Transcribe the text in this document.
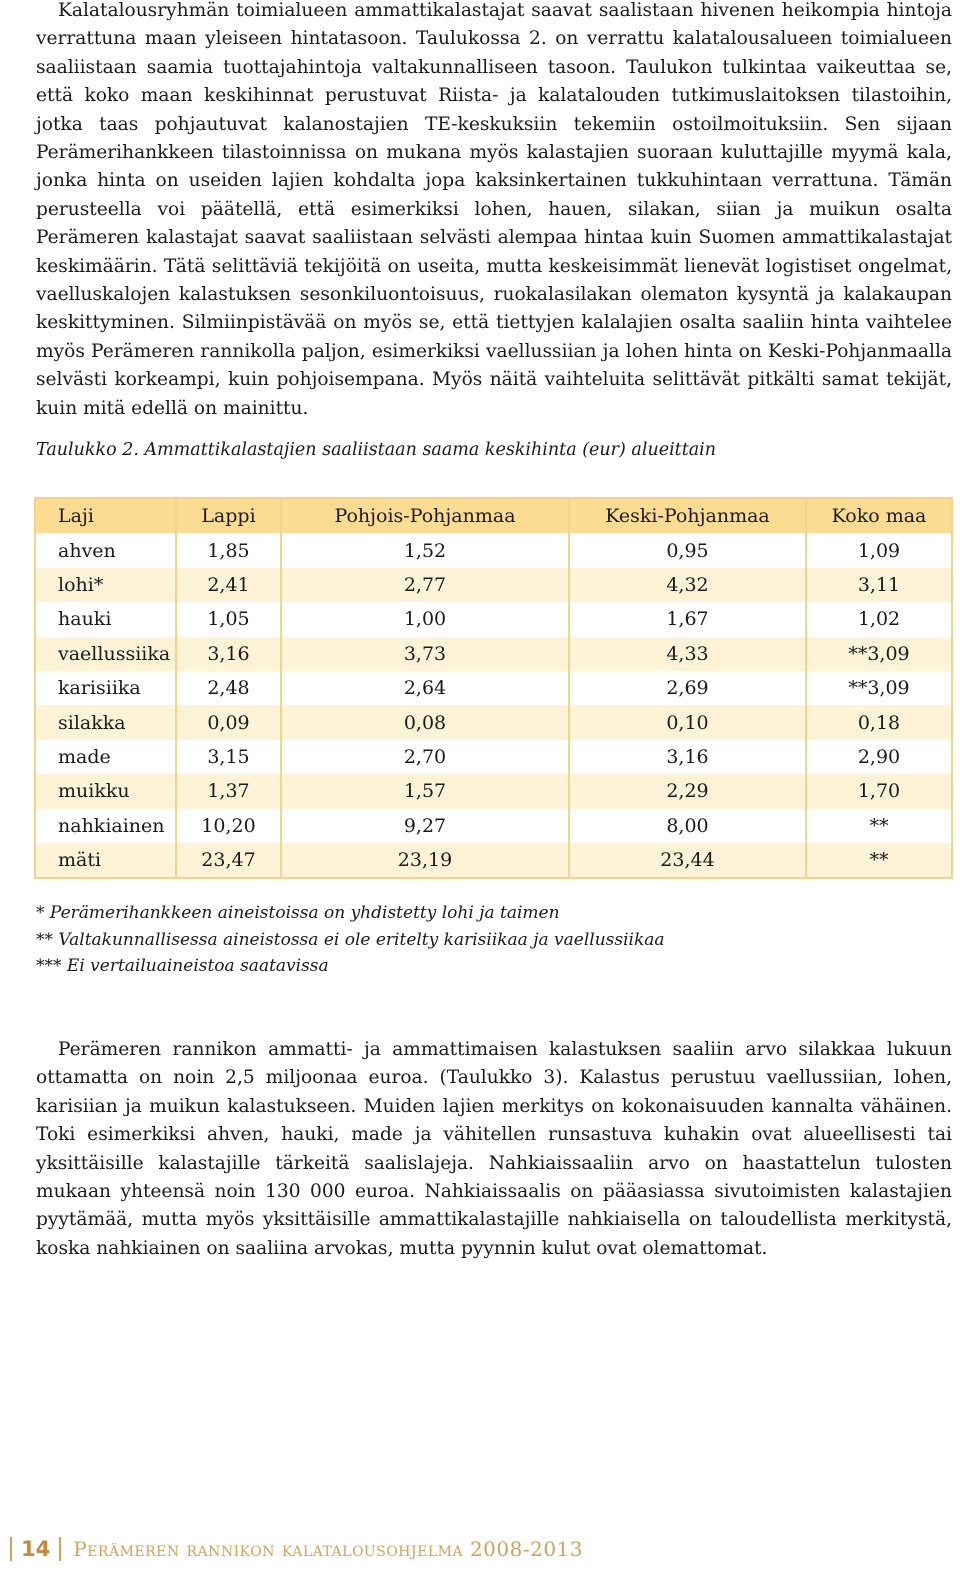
Kalatalousryhmän toimialueen ammattikalastajat saavat saalistaan hivenen heikompia hintoja verrattuna maan yleiseen hintatasoon. Taulukossa 2. on verrattu kalatalousalueen toimialueen saaliistaan saamia tuottajahintoja valtakunnalliseen tasoon. Taulukon tulkintaa vaikeuttaa se, että koko maan keskihinnat perustuvat Riista- ja kalatalouden tutkimuslaitoksen tilastoihin, jotka taas pohjautuvat kalanostajien TE-keskuksiin tekemiin ostoilmoituksiin. Sen sijaan Perämerihankkeen tilastoinnissa on mukana myös kalastajien suoraan kuluttajille myymä kala, jonka hinta on useiden lajien kohdalta jopa kaksinkertainen tukkuhintaan verrattuna. Tämän perusteella voi päätellä, että esimerkiksi lohen, hauen, silakan, siian ja muikun osalta Perämeren kalastajat saavat saaliistaan selvästi alempaa hintaa kuin Suomen ammattikalastajat keskimäärin. Tätä selittäviä tekijöitä on useita, mutta keskeisimmät lienevät logistiset ongelmat, vaelluskalojen kalastuksen sesonkiluontoisuus, ruokalasilakan olematon kysyntä ja kalakaupan keskittyminen. Silmiinpistävää on myös se, että tiettyjen kalalajien osalta saaliin hinta vaihtelee myös Perämeren rannikolla paljon, esimerkiksi vaellussiian ja lohen hinta on Keski-Pohjanmaalla selvästi korkeampi, kuin pohjoisempana. Myös näitä vaihteluita selittävät pitkälti samat tekijät, kuin mitä edellä on mainittu.

Taulukko 2. Ammattikalastajien saaliistaan saama keskihinta (eur) alueittain

Laji	Lappi	Pohjois-Pohjanmaa	Keski-Pohjanmaa	Koko maa
ahven	1,85	1,52	0,95	1,09
lohi*	2,41	2,77	4,32	3,11
hauki	1,05	1,00	1,67	1,02
vaellussiika	3,16	3,73	4,33	**3,09
karisiika	2,48	2,64	2,69	**3,09
silakka	0,09	0,08	0,10	0,18
made	3,15	2,70	3,16	2,90
muikku	1,37	1,57	2,29	1,70
nahkiainen	10,20	9,27	8,00	**
mäti	23,47	23,19	23,44	**
* Perämerihankkeen aineistoissa on yhdistetty lohi ja taimen
** Valtakunnallisessa aineistossa ei ole eritelty karisiikaa ja vaellussiikaa
*** Ei vertailuaineistoa saatavissa

Perämeren rannikon ammatti- ja ammattimaisen kalastuksen saaliin arvo silakkaa lukuun ottamatta on noin 2,5 miljoonaa euroa. (Taulukko 3). Kalastus perustuu vaellussiian, lohen, karisiian ja muikun kalastukseen. Muiden lajien merkitys on kokonaisuuden kannalta vähäinen. Toki esimerkiksi ahven, hauki, made ja vähitellen runsastuva kuhakin ovat alueellisesti tai yksittäisille kalastajille tärkeitä saalislajeja. Nahkiaissaaliin arvo on haastattelun tulosten mukaan yhteensä noin 130 000 euroa. Nahkiaissaalis on pääasiassa sivutoimisten kalastajien pyytämää, mutta myös yksittäisille ammattikalastajille nahkiaisella on taloudellista merkitystä, koska nahkiainen on saaliina arvokas, mutta pyynnin kulut ovat olemattomat.

14	Perämeren rannikon kalatalousohjelma 2008-2013
